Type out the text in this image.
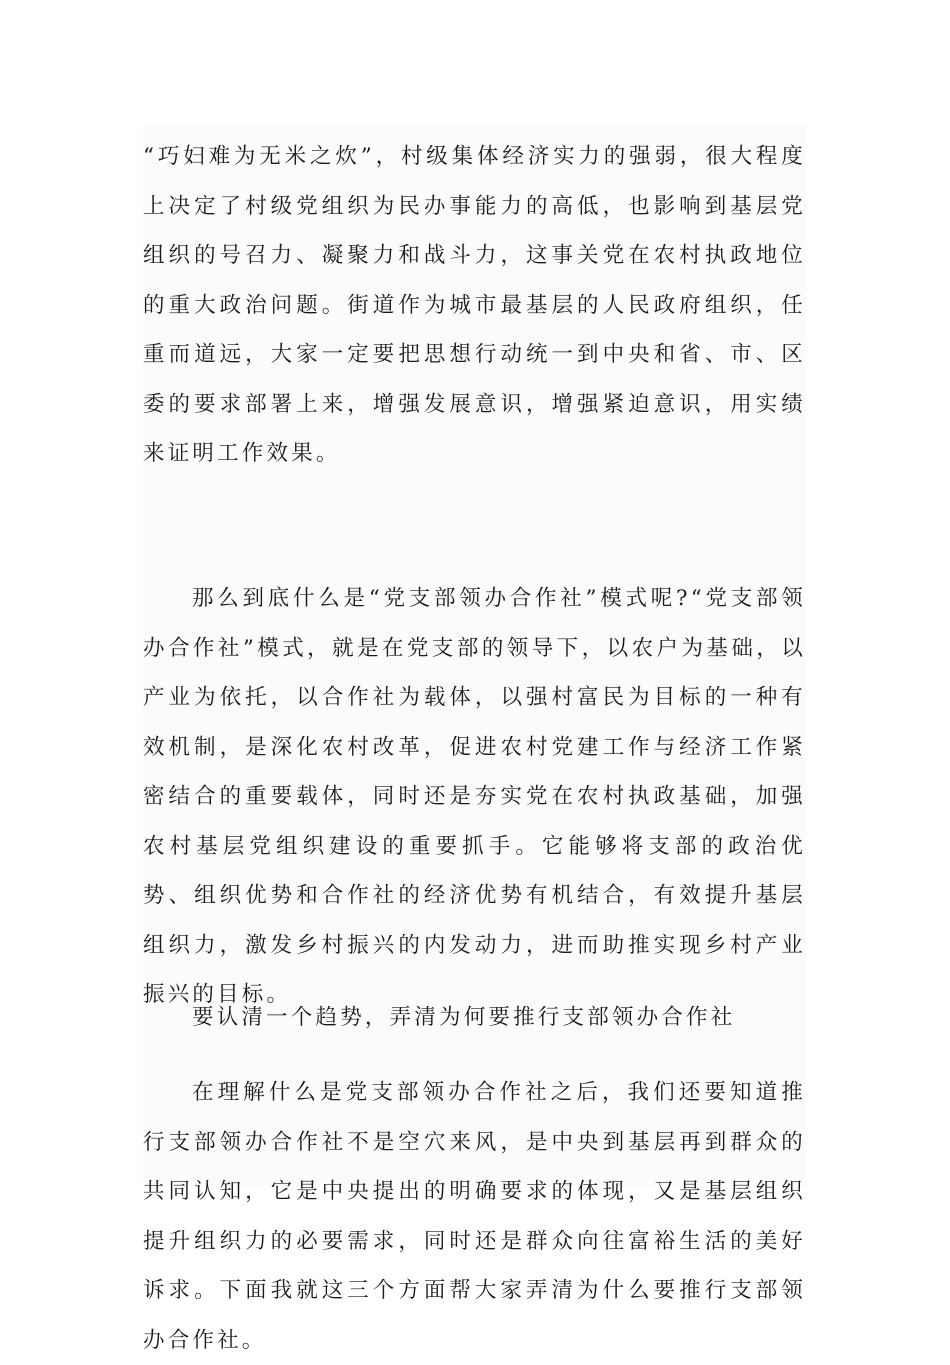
“巧妇难为无米之炊”，村级集体经济实力的强弱，很大程度上决定了村级党组织为民办事能力的高低，也影响到基层党组织的号召力、凝聚力和战斗力，这事关党在农村执政地位的重大政治问题。街道作为城市最基层的人民政府组织，任重而道远，大家一定要把思想行动统一到中央和省、市、区委的要求部署上来，增强发展意识，增强紧迫意识，用实绩来证明工作效果。

那么到底什么是“党支部领办合作社”模式呢?“党支部领办合作社”模式，就是在党支部的领导下，以农户为基础，以产业为依托，以合作社为载体，以强村富民为目标的一种有效机制，是深化农村改革，促进农村党建工作与经济工作紧密结合的重要载体，同时还是夯实党在农村执政基础，加强农村基层党组织建设的重要抓手。它能够将支部的政治优势、组织优势和合作社的经济优势有机结合，有效提升基层组织力，激发乡村振兴的内发动力，进而助推实现乡村产业振兴的目标。

要认清一个趋势，弄清为何要推行支部领办合作社

在理解什么是党支部领办合作社之后，我们还要知道推行支部领办合作社不是空穴来风，是中央到基层再到群众的共同认知，它是中央提出的明确要求的体现，又是基层组织提升组织力的必要需求，同时还是群众向往富裕生活的美好诉求。下面我就这三个方面帮大家弄清为什么要推行支部领办合作社。
